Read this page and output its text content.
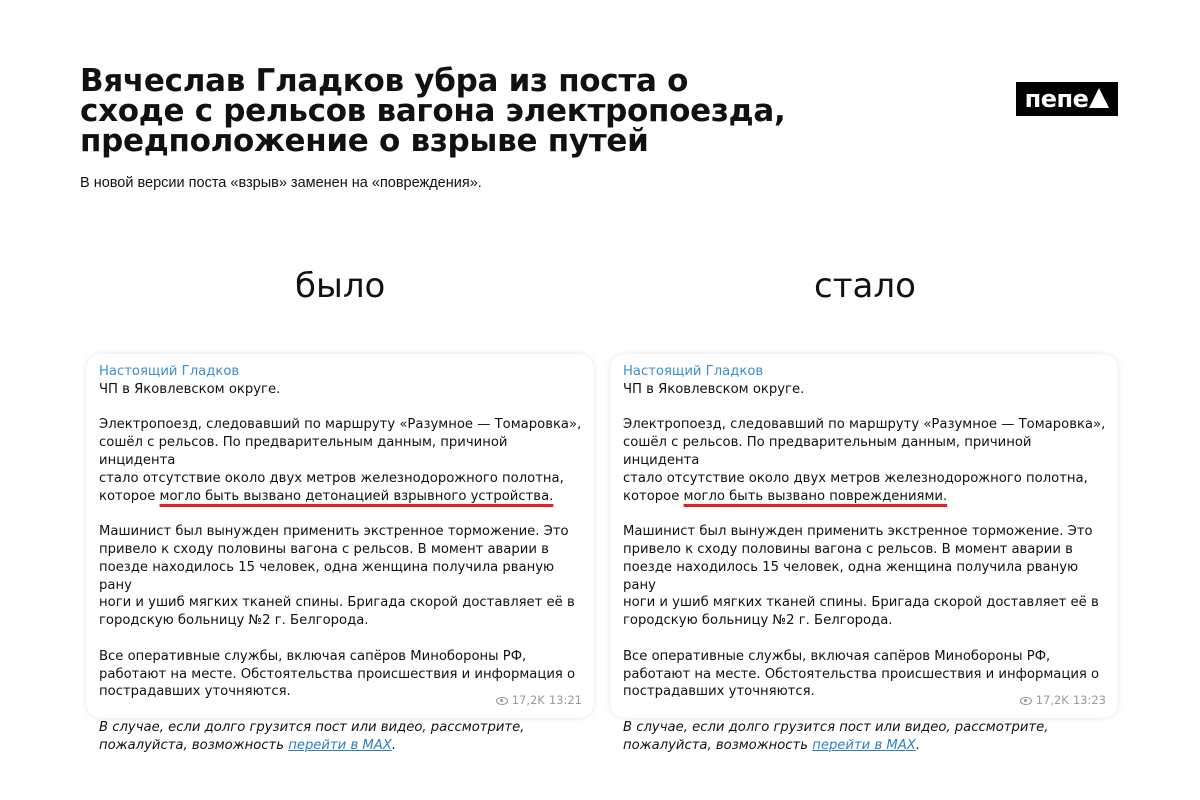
Вячеслав Гладков убра из поста о
сходе с рельсов вагона электропоезда,
предположение о взрыве путей
В новой версии поста «взрыв» заменен на «повреждения».
пепе
было	стало

Настоящий Гладков

ЧП в Яковлевском округе.

Электропоезд, следовавший по маршруту «Разумное — Томаровка»,

сошёл с рельсов. По предварительным данным, причиной инцидента

стало отсутствие около двух метров железнодорожного полотна,

которое могло быть вызвано детонацией взрывного устройства.

Машинист был вынужден применить экстренное торможение. Это

привело к сходу половины вагона с рельсов. В момент аварии в

поезде находилось 15 человек, одна женщина получила рваную рану

ноги и ушиб мягких тканей спины. Бригада скорой доставляет её в

городскую больницу №2 г. Белгорода.

Все оперативные службы, включая сапёров Минобороны РФ,

работают на месте. Обстоятельства происшествия и информация о

пострадавших уточняются.

В случае, если долго грузится пост или видео, рассмотрите,

пожалуйста, возможность перейти в MAX.

17,2K 13:21

Настоящий Гладков

ЧП в Яковлевском округе.

Электропоезд, следовавший по маршруту «Разумное — Томаровка»,

сошёл с рельсов. По предварительным данным, причиной инцидента

стало отсутствие около двух метров железнодорожного полотна,

которое могло быть вызвано повреждениями.

Машинист был вынужден применить экстренное торможение. Это

привело к сходу половины вагона с рельсов. В момент аварии в

поезде находилось 15 человек, одна женщина получила рваную рану

ноги и ушиб мягких тканей спины. Бригада скорой доставляет её в

городскую больницу №2 г. Белгорода.

Все оперативные службы, включая сапёров Минобороны РФ,

работают на месте. Обстоятельства происшествия и информация о

пострадавших уточняются.

В случае, если долго грузится пост или видео, рассмотрите,

пожалуйста, возможность перейти в MAX.

17,2K 13:23
